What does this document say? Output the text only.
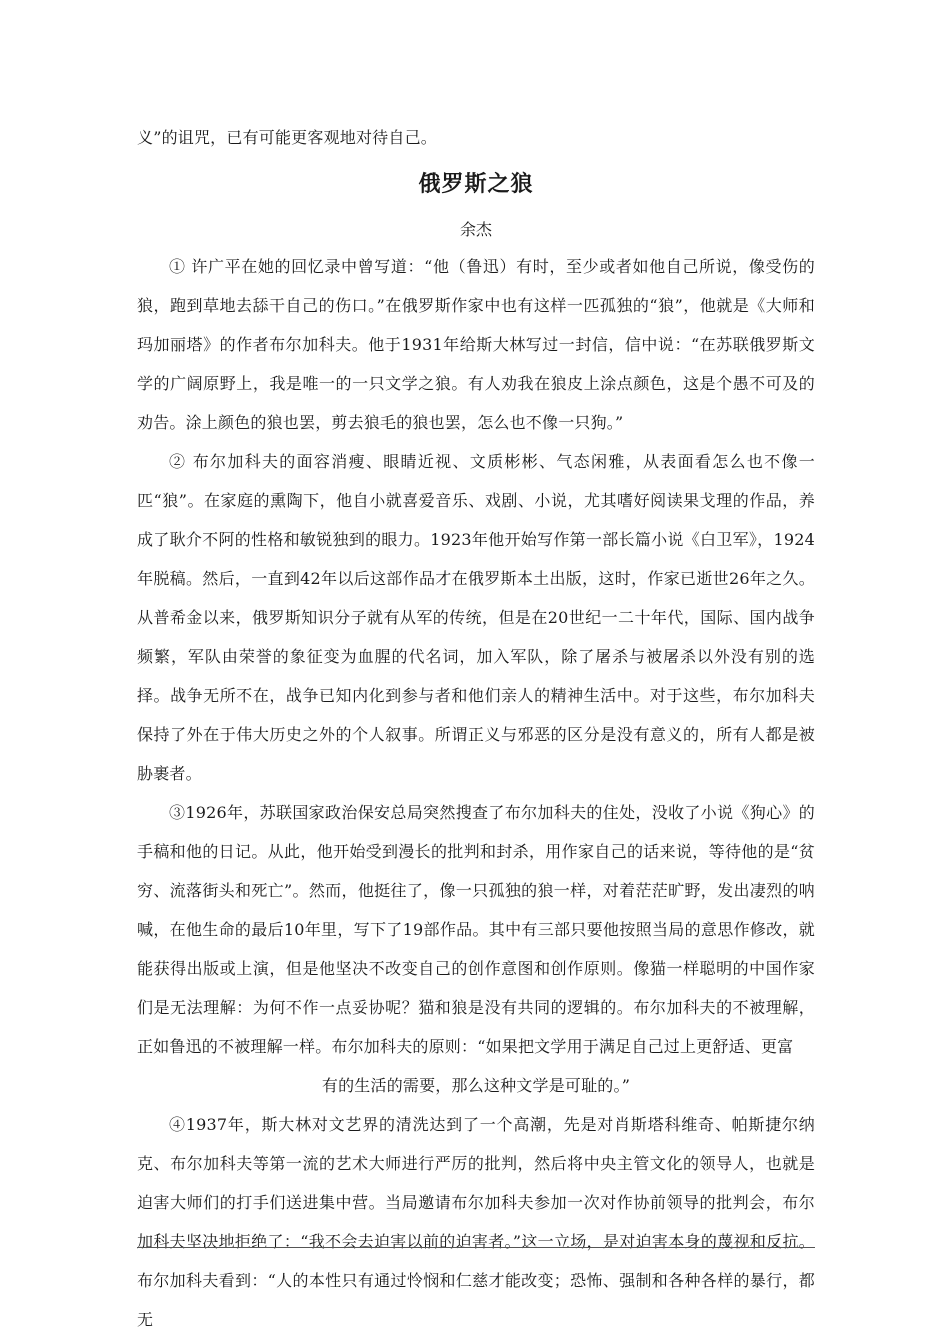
义”的诅咒，已有可能更客观地对待自己。

俄罗斯之狼

余杰

① 许广平在她的回忆录中曾写道：“他（鲁迅）有时，至少或者如他自己所说，像受伤的狼，跑到草地去舔干自己的伤口。”在俄罗斯作家中也有这样一匹孤独的“狼”，他就是《大师和玛加丽塔》的作者布尔加科夫。他于1931年给斯大林写过一封信，信中说：“在苏联俄罗斯文学的广阔原野上，我是唯一的一只文学之狼。有人劝我在狼皮上涂点颜色，这是个愚不可及的劝告。涂上颜色的狼也罢，剪去狼毛的狼也罢，怎么也不像一只狗。”

② 布尔加科夫的面容消瘦、眼睛近视、文质彬彬、气态闲雅，从表面看怎么也不像一匹“狼”。在家庭的熏陶下，他自小就喜爱音乐、戏剧、小说，尤其嗜好阅读果戈理的作品，养成了耿介不阿的性格和敏锐独到的眼力。1923年他开始写作第一部长篇小说《白卫军》，1924年脱稿。然后，一直到42年以后这部作品才在俄罗斯本土出版，这时，作家已逝世26年之久。从普希金以来，俄罗斯知识分子就有从军的传统，但是在20世纪一二十年代，国际、国内战争频繁，军队由荣誉的象征变为血腥的代名词，加入军队，除了屠杀与被屠杀以外没有别的选择。战争无所不在，战争已知内化到参与者和他们亲人的精神生活中。对于这些，布尔加科夫保持了外在于伟大历史之外的个人叙事。所谓正义与邪恶的区分是没有意义的，所有人都是被胁裹者。

③1926年，苏联国家政治保安总局突然搜查了布尔加科夫的住处，没收了小说《狗心》的手稿和他的日记。从此，他开始受到漫长的批判和封杀，用作家自己的话来说，等待他的是“贫穷、流落街头和死亡”。然而，他挺往了，像一只孤独的狼一样，对着茫茫旷野，发出凄烈的呐喊，在他生命的最后10年里，写下了19部作品。其中有三部只要他按照当局的意思作修改，就能获得出版或上演，但是他坚决不改变自己的创作意图和创作原则。像猫一样聪明的中国作家们是无法理解：为何不作一点妥协呢？猫和狼是没有共同的逻辑的。布尔加科夫的不被理解，正如鲁迅的不被理解一样。布尔加科夫的原则：“如果把文学用于满足自己过上更舒适、更富

有的生活的需要，那么这种文学是可耻的。”

④1937年，斯大林对文艺界的清洗达到了一个高潮，先是对肖斯塔科维奇、帕斯捷尔纳克、布尔加科夫等第一流的艺术大师进行严厉的批判，然后将中央主管文化的领导人，也就是迫害大师们的打手们送进集中营。当局邀请布尔加科夫参加一次对作协前领导的批判会，布尔加科夫坚决地拒绝了：“我不会去迫害以前的迫害者。”这一立场，是对迫害本身的蔑视和反抗。布尔加科夫看到：“人的本性只有通过怜悯和仁慈才能改变；恐怖、强制和各种各样的暴行，都无
